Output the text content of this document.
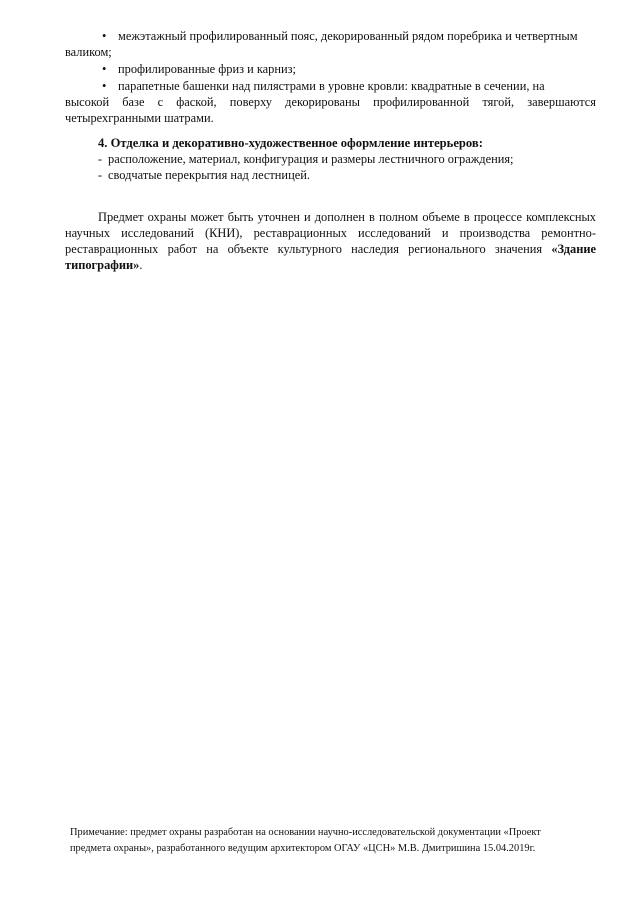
• межэтажный профилированный пояс, декорированный рядом поребрика и четвертным
валиком;
• профилированные фриз и карниз;
• парапетные башенки над пилястрами в уровне кровли: квадратные в сечении, на
высокой базе с фаской, поверху декорированы профилированной тягой, завершаются четырехгранными шатрами.
4. Отделка и декоративно-художественное оформление интерьеров:
- расположение, материал, конфигурация и размеры лестничного ограждения;
- сводчатые перекрытия над лестницей.
Предмет охраны может быть уточнен и дополнен в полном объеме в процессе комплексных научных исследований (КНИ), реставрационных исследований и производства ремонтно-реставрационных работ на объекте культурного наследия регионального значения «Здание типографии».
Примечание: предмет охраны разработан на основании научно-исследовательской документации «Проект
предмета охраны», разработанного ведущим архитектором ОГАУ «ЦСН» М.В. Дмитришина 15.04.2019г.
